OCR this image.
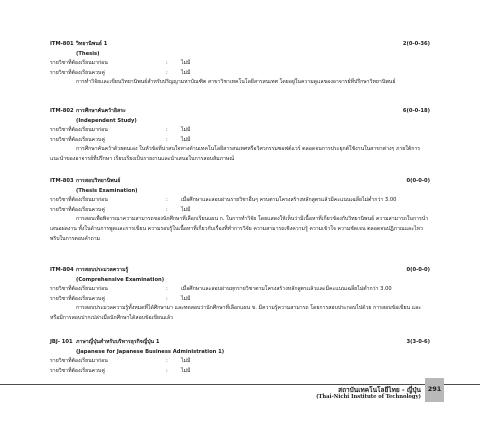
ITM-801 วิทยานิพนธ์ 1	2(0-0-36)
(Thesis)
รายวิชาที่ต้องเรียนมาก่อน	:	ไม่มี
รายวิชาที่ต้องเรียนควบคู่	:	ไม่มี
การทำวิจัยและเขียนวิทยานิพนธ์สำหรับปริญญามหาบัณฑิต สาขาวิชาเทคโนโลยีสารสนเทศ โดยอยู่ในความดูแลของอาจารย์ที่ปรึกษาวิทยานิพนธ์
ITM-802 การศึกษาค้นคว้าอิสระ	6(0-0-18)
(Independent Study)
รายวิชาที่ต้องเรียนมาก่อน	:	ไม่มี
รายวิชาที่ต้องเรียนควบคู่	:	ไม่มี
การศึกษาค้นคว้าด้วยตนเอง ในหัวข้อที่น่าสนใจทางด้านเทคโนโลยีสารสนเทศหรือวิศวกรรมซอฟต์แวร์ ตลอดจนการประยุกต์ใช้งานในสาขาต่างๆ ภายใต้การแนะนำของอาจารย์ที่ปรึกษา เรียบเรียงเป็นรายงานและนำเสนอในการสอบสัมภาษณ์
ITM-803 การสอบวิทยานิพนธ์	0(0-0-0)
(Thesis Examination)
รายวิชาที่ต้องเรียนมาก่อน	:	เมื่อศึกษาและสอบผ่านรายวิชาอื่นๆ ครบตามโครงสร้างหลักสูตรแล้วมีคะแนนเฉลี่ยไม่ต่ำกว่า 3.00
รายวิชาที่ต้องเรียนควบคู่	:	ไม่มี
การสอบเพื่อพิจารณาความสามารถของนักศึกษาที่เลือกเรียนแผน ก. ในการทำวิจัย โดยแสดงให้เห็นว่ามีเนื้อหาที่เกี่ยวข้องกับวิทยานิพนธ์ ความสามารถในการนำเสนอผลงาน ทั้งในด้านการพูดและการเขียน ความรอบรู้ในเนื้อหาที่เกี่ยวกับเรื่องที่ทำการวิจัย ความสามารถเชิงความรู้ ความเข้าใจ ความชัดเจน ตลอดจนปฏิภาณและไหวพริบในการตอบคำถาม
ITM-804 การสอบประมวลความรู้	0(0-0-0)
(Comprehensive Examination)
รายวิชาที่ต้องเรียนมาก่อน	:	เมื่อศึกษาและสอบผ่านทุกรายวิชาตามโครงสร้างหลักสูตรแล้วและมีคะแนนเฉลี่ยไม่ต่ำกว่า 3.00
รายวิชาที่ต้องเรียนควบคู่	:	ไม่มี
การสอบประมวลความรู้ทั้งหมดที่ได้ศึกษามา และทดสอบว่านักศึกษาที่เลือกแผน ข. มีความรู้ความสามารถ โดยการสอบประกอบไปด้วย การสอบข้อเขียน และหรือมีการสอบปากเปล่าเมื่อนักศึกษาได้สอบข้อเขียนแล้ว
JBJ- 101 ภาษาญี่ปุ่นสำหรับบริหารธุรกิจญี่ปุ่น 1	3(3-0-6)
(Japanese for Japanese Business Administration 1)
รายวิชาที่ต้องเรียนมาก่อน	:	ไม่มี
รายวิชาที่ต้องเรียนควบคู่	:	ไม่มี
สถาบันเทคโนโลยีไทย - ญี่ปุ่น
(Thai-Nichi Institute of Technology)
291
